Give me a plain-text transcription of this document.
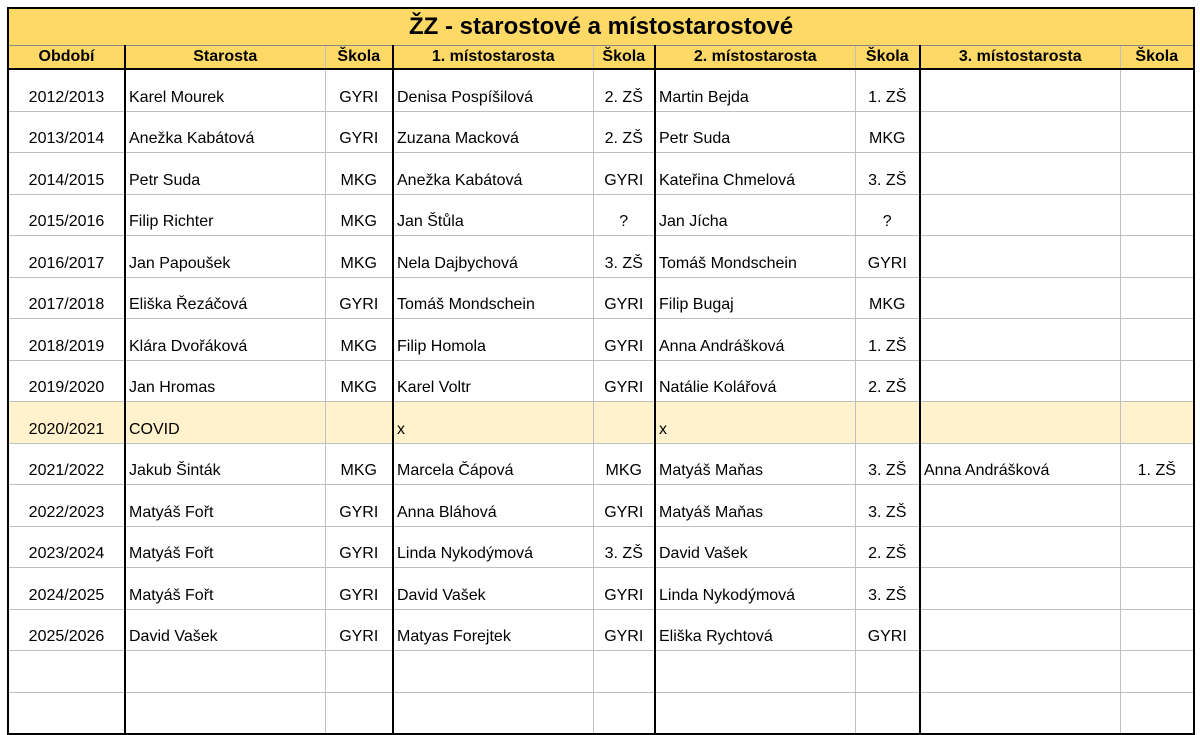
ŽZ - starostové a místostarostové								
Období	Starosta	Škola	1. místostarosta	Škola	2. místostarosta	Škola	3. místostarosta	Škola
2012/2013	Karel Mourek	GYRI	Denisa Pospíšilová	2. ZŠ	Martin Bejda	1. ZŠ		
2013/2014	Anežka Kabátová	GYRI	Zuzana Macková	2. ZŠ	Petr Suda	MKG		
2014/2015	Petr Suda	MKG	Anežka Kabátová	GYRI	Kateřina Chmelová	3. ZŠ		
2015/2016	Filip Richter	MKG	Jan Štůla	?	Jan Jícha	?		
2016/2017	Jan Papoušek	MKG	Nela Dajbychová	3. ZŠ	Tomáš Mondschein	GYRI		
2017/2018	Eliška Řezáčová	GYRI	Tomáš Mondschein	GYRI	Filip Bugaj	MKG		
2018/2019	Klára Dvořáková	MKG	Filip Homola	GYRI	Anna Andrášková	1. ZŠ		
2019/2020	Jan Hromas	MKG	Karel Voltr	GYRI	Natálie Kolářová	2. ZŠ		
2020/2021	COVID		x		x			
2021/2022	Jakub Šinták	MKG	Marcela Čápová	MKG	Matyáš Maňas	3. ZŠ	Anna Andrášková	1. ZŠ
2022/2023	Matyáš Fořt	GYRI	Anna Bláhová	GYRI	Matyáš Maňas	3. ZŠ		
2023/2024	Matyáš Fořt	GYRI	Linda Nykodýmová	3. ZŠ	David Vašek	2. ZŠ		
2024/2025	Matyáš Fořt	GYRI	David Vašek	GYRI	Linda Nykodýmová	3. ZŠ		
2025/2026	David Vašek	GYRI	Matyas Forejtek	GYRI	Eliška Rychtová	GYRI		
